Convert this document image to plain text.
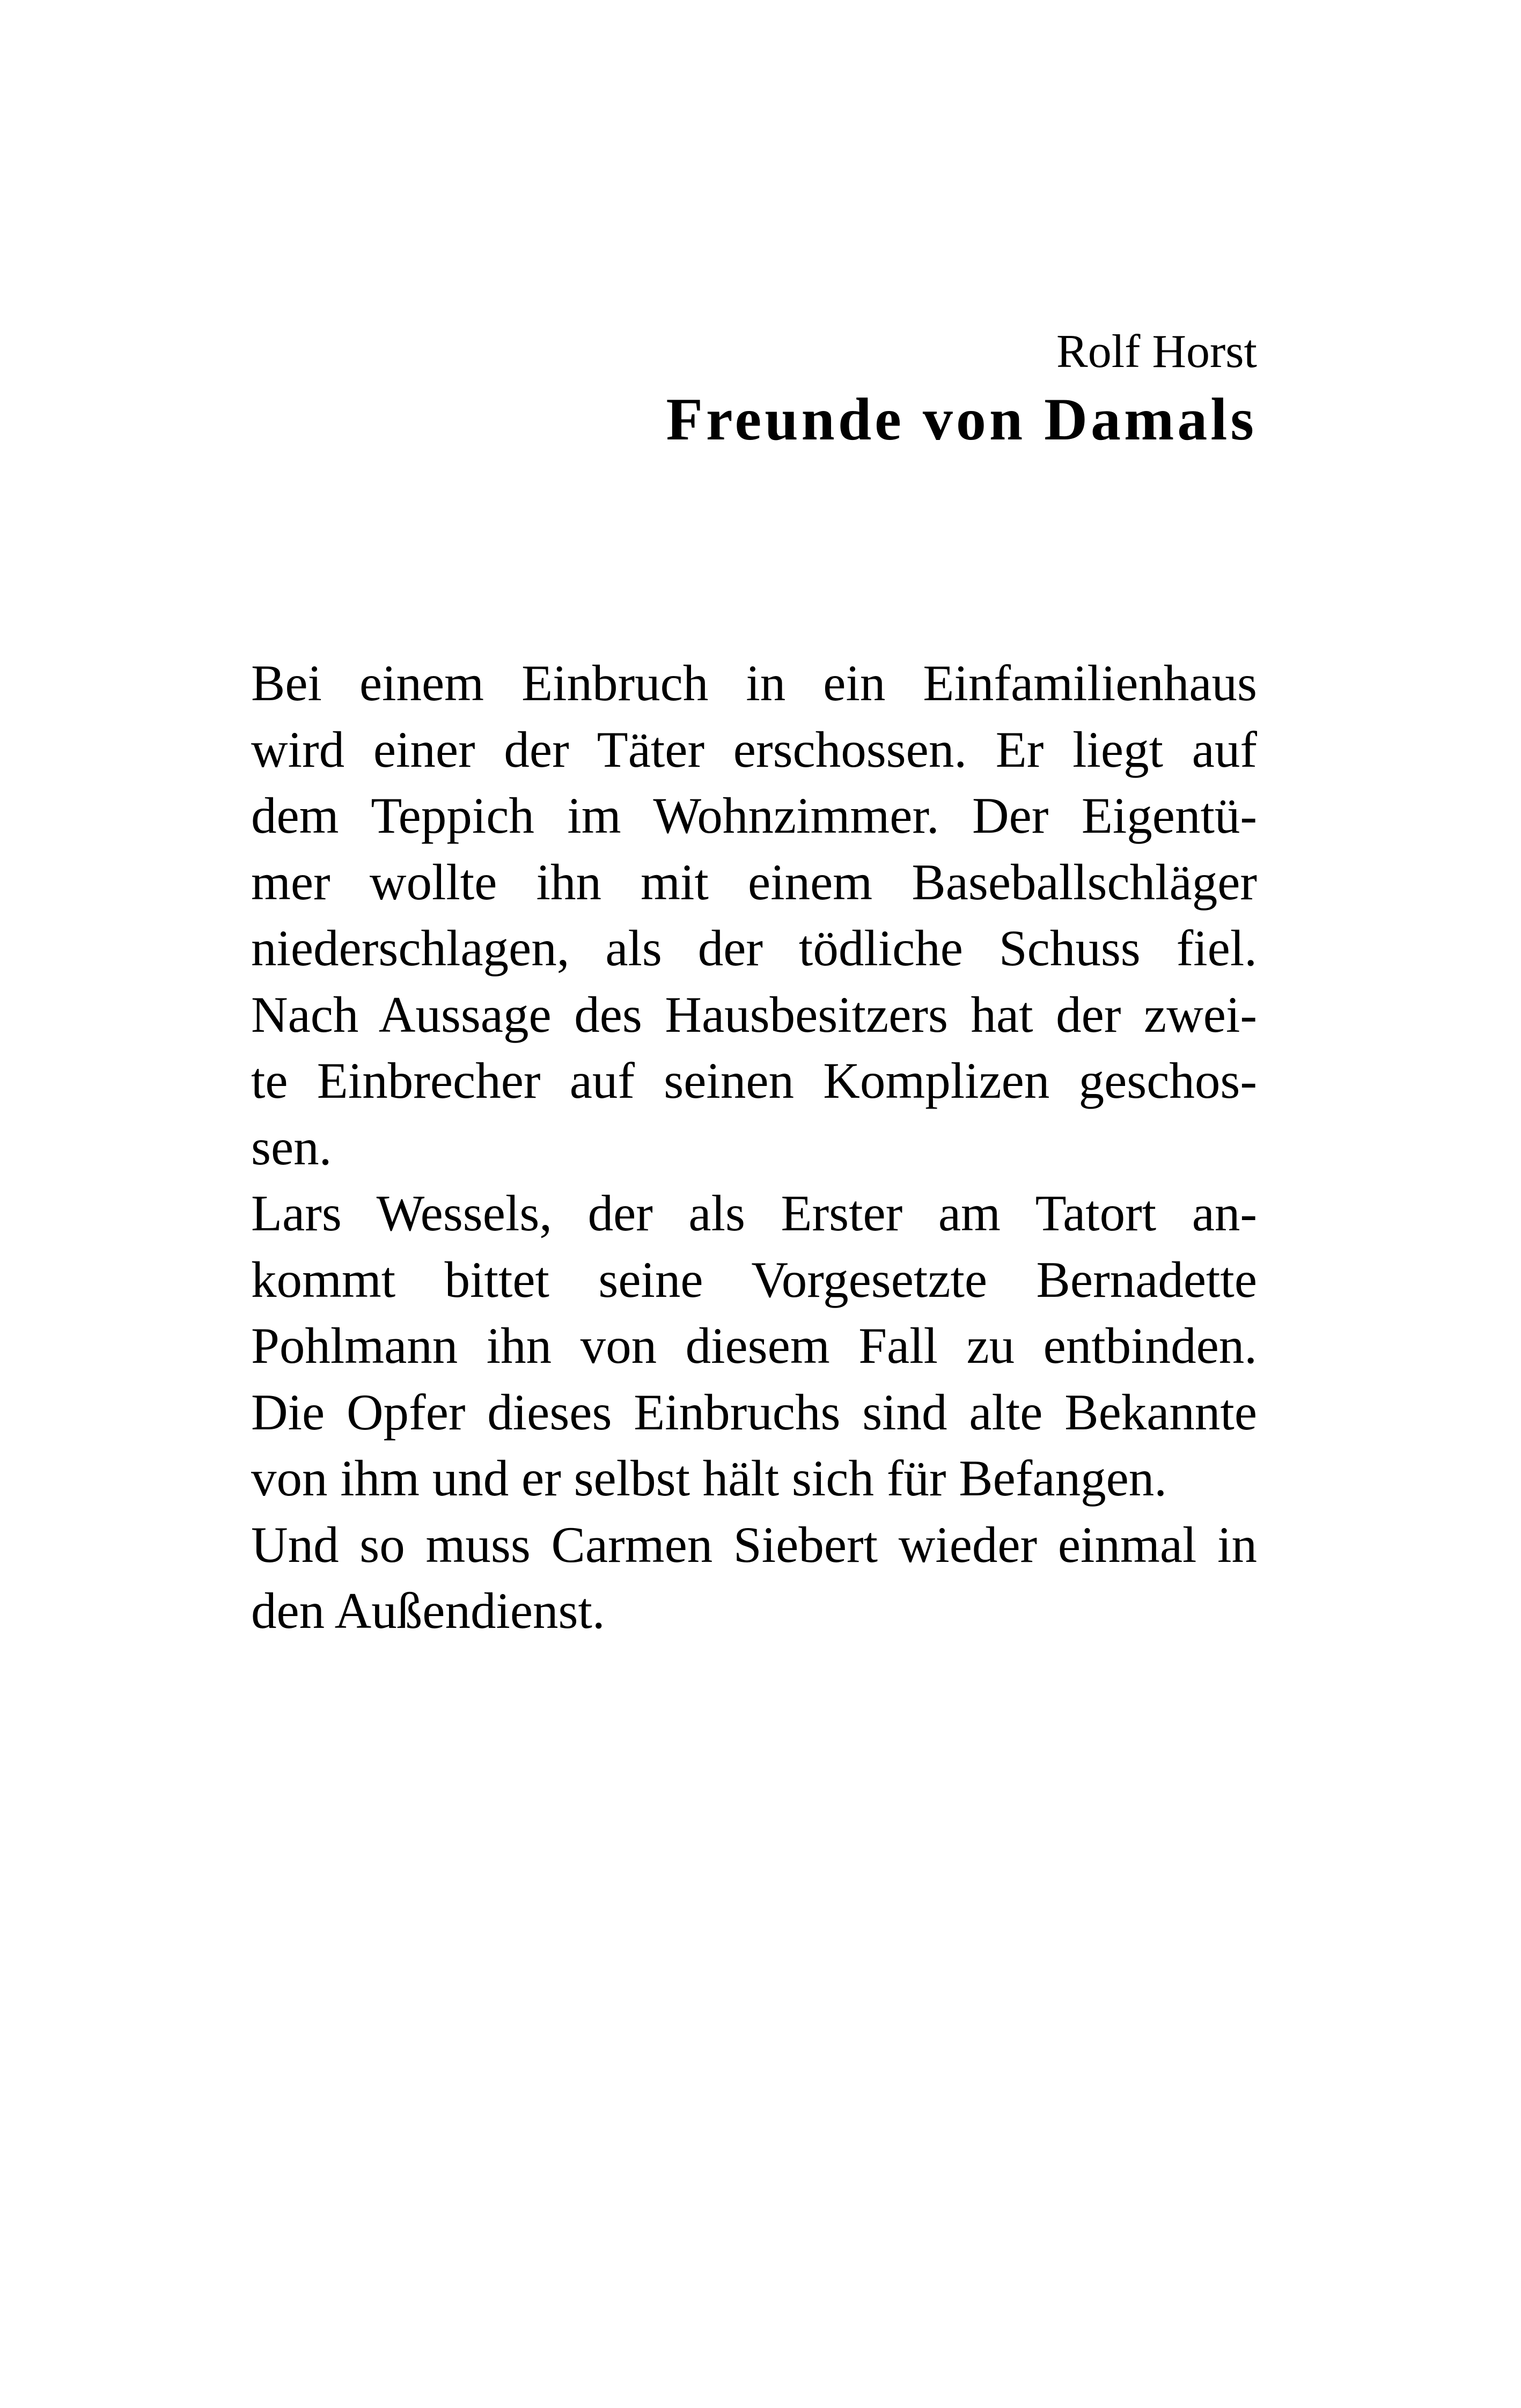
Rolf Horst
Freunde von Damals
Bei einem Einbruch in ein Einfamilienhaus
wird einer der Täter erschossen. Er liegt auf
dem Teppich im Wohnzimmer. Der Eigentü-
mer wollte ihn mit einem Baseballschläger
niederschlagen, als der tödliche Schuss fiel.
Nach Aussage des Hausbesitzers hat der zwei-
te Einbrecher auf seinen Komplizen geschos-
sen.
Lars Wessels, der als Erster am Tatort an-
kommt bittet seine Vorgesetzte Bernadette
Pohlmann ihn von diesem Fall zu entbinden.
Die Opfer dieses Einbruchs sind alte Bekannte
von ihm und er selbst hält sich für Befangen.
Und so muss Carmen Siebert wieder einmal in
den Außendienst.
